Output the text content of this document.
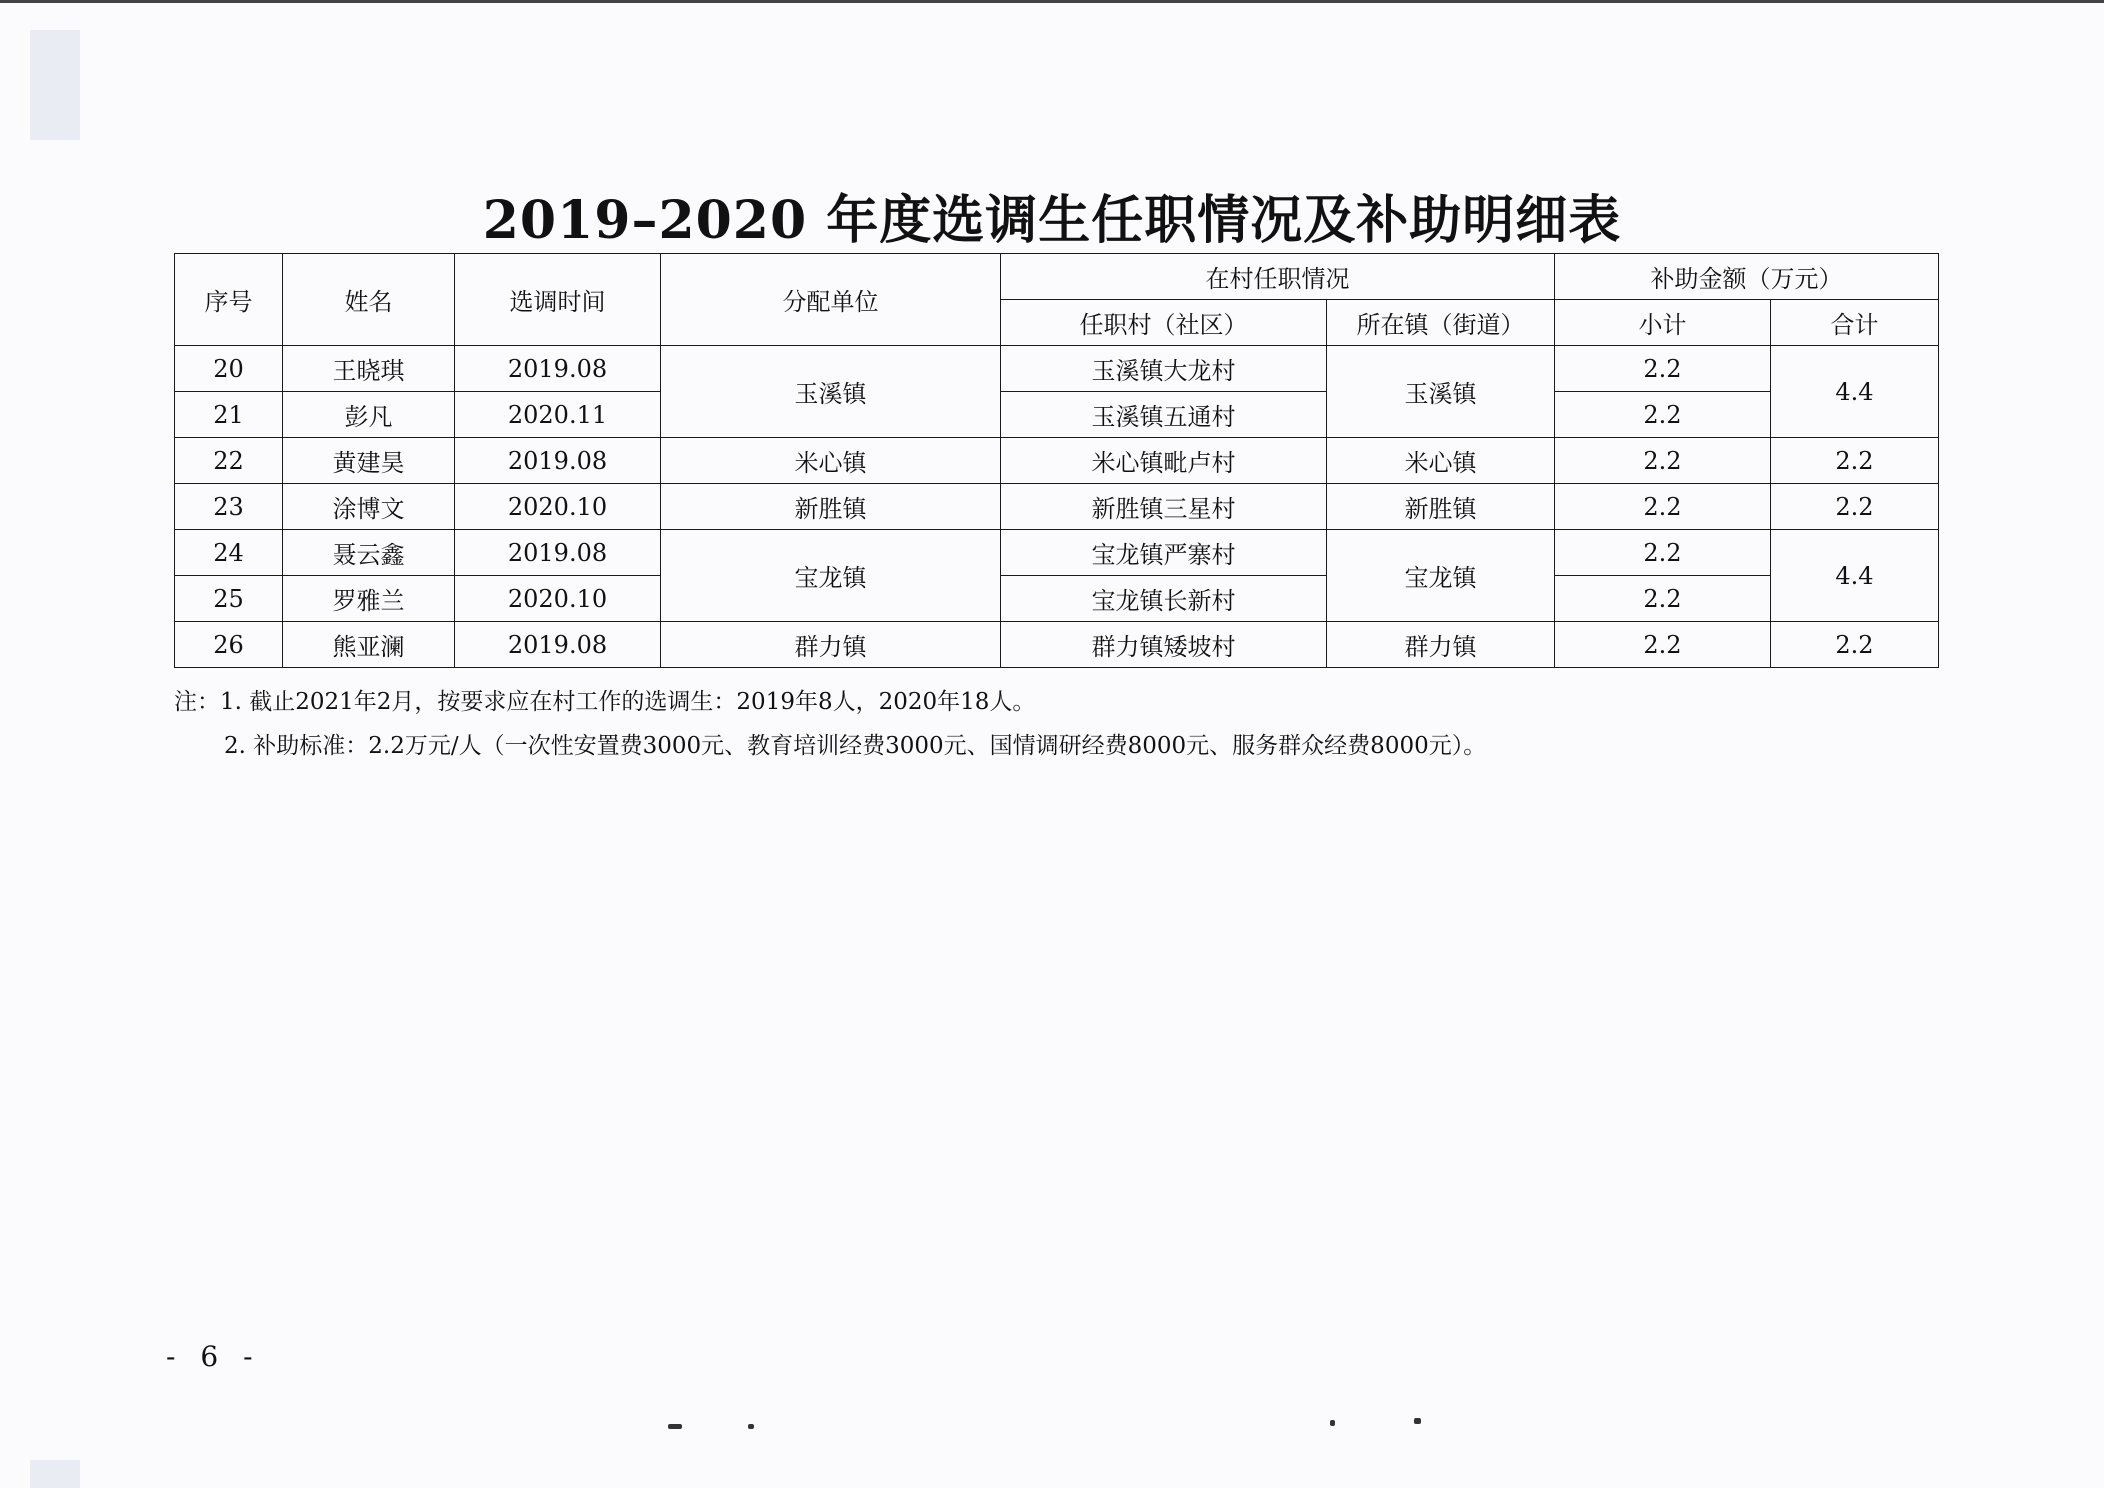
2019–2020 年度选调生任职情况及补助明细表
序号	姓名	选调时间	分配单位	在村任职情况		补助金额（万元）	
				任职村（社区）	所在镇（街道）	小计	合计
20	王晓琪	2019.08	玉溪镇	玉溪镇大龙村	玉溪镇	2.2	4.4
21	彭凡	2020.11		玉溪镇五通村		2.2	
22	黄建昊	2019.08	米心镇	米心镇毗卢村	米心镇	2.2	2.2
23	涂博文	2020.10	新胜镇	新胜镇三星村	新胜镇	2.2	2.2
24	聂云鑫	2019.08	宝龙镇	宝龙镇严寨村	宝龙镇	2.2	4.4
25	罗雅兰	2020.10		宝龙镇长新村		2.2	
26	熊亚澜	2019.08	群力镇	群力镇矮坡村	群力镇	2.2	2.2
注：1. 截止2021年2月，按要求应在村工作的选调生：2019年8人，2020年18人。
2. 补助标准：2.2万元/人（一次性安置费3000元、教育培训经费3000元、国情调研经费8000元、服务群众经费8000元）。
- 6 -
